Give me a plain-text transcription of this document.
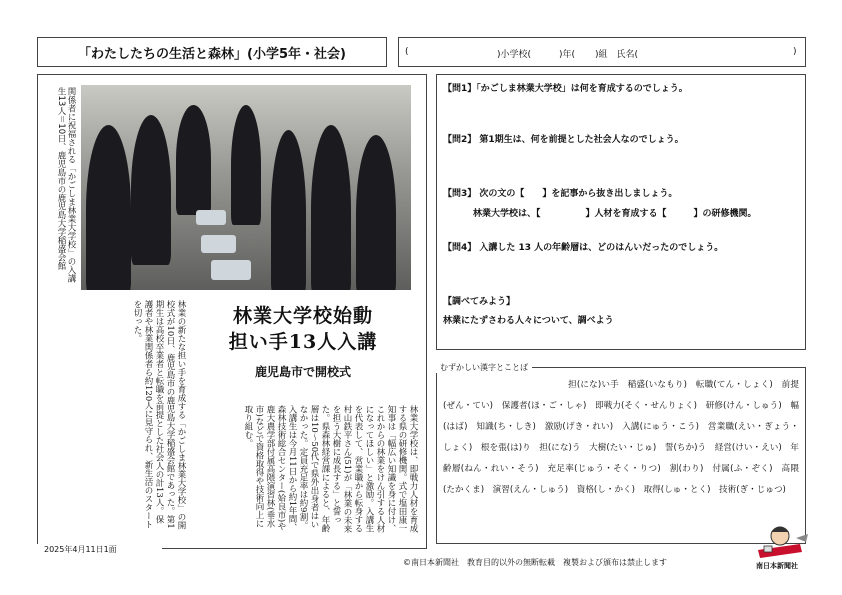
「わたしたちの生活と森林」(小学5年・社会)	(	)小学校(	)年( )組　氏名(	)
関係者に祝福される「かごしま林業大学校」の入講生13人＝10日、鹿児島市の鹿児島大学稲盛会館
林業大学校始動
担い手13人入講
鹿児島市で開校式
林業の新たな担い手を育成する「かごしま林業大学校」の開校式が10日、鹿児島市の鹿児島大学稲盛会館であった。第1期生は高校卒業者と転職を前提とした社会人の計13人。保護者や林業関係者ら約120人に見守られ、新生活のスタートを切った。
林業大学校は、即戦力人材を育成する県の研修機関。式で塩田康一知事は「幅広い知識を身に付け、これからの林業をけん引する人材になってほしい」と激励。入講生を代表して、営業職から転身する村山鉄平さん(51)が「林業の未来を担う大樹に成長する」と誓った。県森林経営課によると、年齢層は10〜50代で県外出身者はいなかった。定員充足率は約9割。入講生は今月11日から約1年間、森林技術総合センター(姶良市)や鹿大農学部付属高隈演習林(垂水市)などで資格取得や技術向上に取り組む。
2025年4月11日1面
【問1】「かごしま林業大学校」は何を育成するのでしょう。
【問2】 第1期生は、何を前提とした社会人なのでしょう。
【問3】 次の文の【　　】を記事から抜き出しましょう。
林業大学校は、【　　　　　】人材を育成する【　　　】の研修機関。
【問4】 入講した 13 人の年齢層は、どのはんいだったのでしょう。
【調べてみよう】
林業にたずさわる人々について、調べよう
担(にな)い手　稲盛(いなもり)　転職(てん・しょく)　前提(ぜん・てい)　保護者(ほ・ご・しゃ)　即戦力(そく・せんりょく)　研修(けん・しゅう)　幅(はば)　知識(ち・しき)　激励(げき・れい)　入講(にゅう・こう)　営業職(えい・ぎょう・しょく)　根を張(は)り　担(にな)う　大樹(たい・じゅ)　誓(ちか)う　経営(けい・えい)　年齢層(ねん・れい・そう)　充足率(じゅう・そく・りつ)　割(わり)　付属(ふ・ぞく)　高隈(たかくま)　演習(えん・しゅう)　資格(し・かく)　取得(しゅ・とく)　技術(ぎ・じゅつ)
むずかしい漢字とことば
©南日本新聞社　教育目的以外の無断転載　複製および頒布は禁止します	南日本新聞社
